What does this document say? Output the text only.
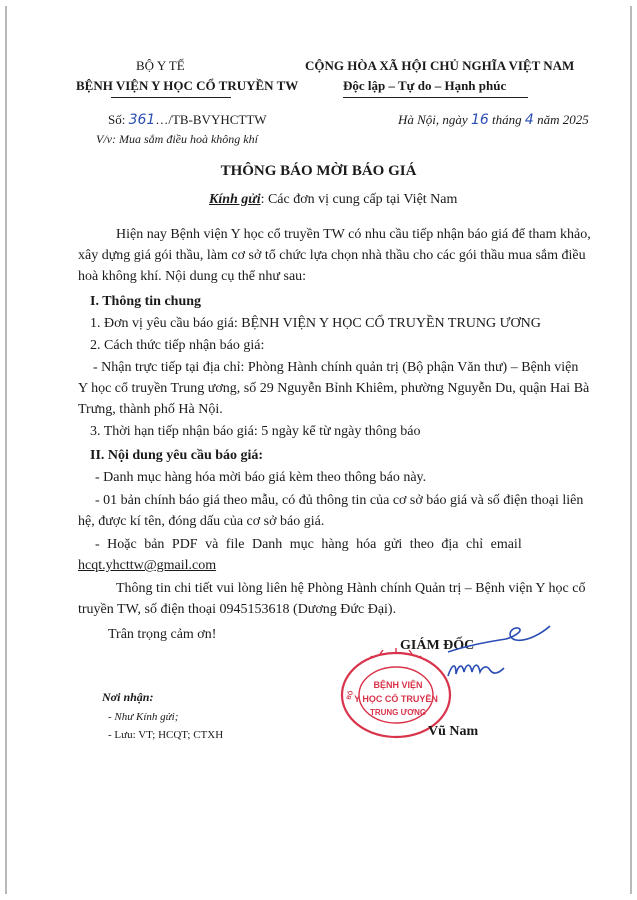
BỘ Y TẾ
BỆNH VIỆN Y HỌC CỔ TRUYỀN TW
CỘNG HÒA XÃ HỘI CHỦ NGHĨA VIỆT NAM
Độc lập – Tự do – Hạnh phúc
Số: 361…/TB-BVYHCTTW
V/v: Mua sắm điều hoà không khí
Hà Nội, ngày 16 tháng 4 năm 2025
THÔNG BÁO MỜI BÁO GIÁ
Kính gửi: Các đơn vị cung cấp tại Việt Nam
Hiện nay Bệnh viện Y học cổ truyền TW có nhu cầu tiếp nhận báo giá để tham khảo,
xây dựng giá gói thầu, làm cơ sở tổ chức lựa chọn nhà thầu cho các gói thầu mua sắm điều
hoà không khí. Nội dung cụ thể như sau:
I. Thông tin chung
1. Đơn vị yêu cầu báo giá: BỆNH VIỆN Y HỌC CỔ TRUYỀN TRUNG ƯƠNG
2. Cách thức tiếp nhận báo giá:
- Nhận trực tiếp tại địa chỉ: Phòng Hành chính quản trị (Bộ phận Văn thư) – Bệnh viện
Y học cổ truyền Trung ương, số 29 Nguyễn Bỉnh Khiêm, phường Nguyễn Du, quận Hai Bà
Trưng, thành phố Hà Nội.
3. Thời hạn tiếp nhận báo giá: 5 ngày kể từ ngày thông báo
II. Nội dung yêu cầu báo giá:
- Danh mục hàng hóa mời báo giá kèm theo thông báo này.
- 01 bản chính báo giá theo mẫu, có đủ thông tin của cơ sở báo giá và số điện thoại liên
hệ, được kí tên, đóng dấu của cơ sở báo giá.
- Hoặc bản PDF và file Danh mục hàng hóa gửi theo địa chỉ email
hcqt.yhcttw@gmail.com
Thông tin chi tiết vui lòng liên hệ Phòng Hành chính Quản trị – Bệnh viện Y học cổ
truyền TW, số điện thoại 0945153618 (Dương Đức Đại).
Trân trọng cảm ơn!
GIÁM ĐỐC
BỆNH VIỆN
Y HỌC CỔ TRUYỀN
TRUNG ƯƠNG
BỘ
Vũ Nam
Nơi nhận:
- Như Kính gửi;
- Lưu: VT; HCQT; CTXH
